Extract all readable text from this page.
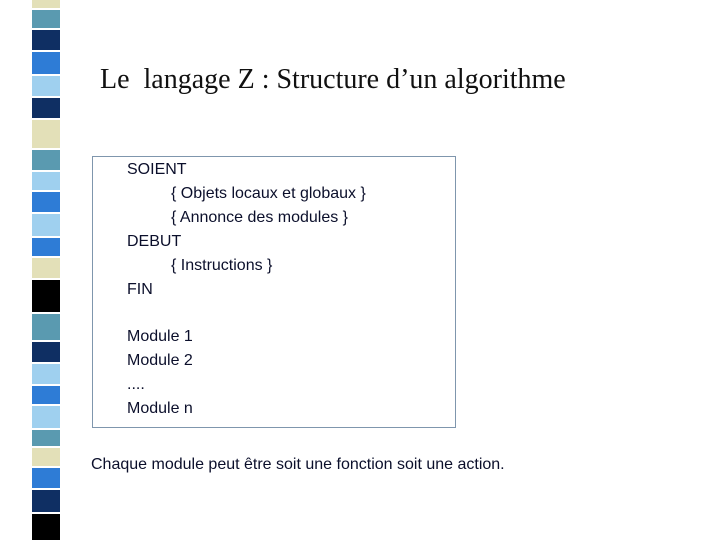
Le  langage Z : Structure d’un algorithme
SOIENT
{ Objets locaux et globaux }
{ Annonce des modules }
DEBUT
{ Instructions }
FIN
Module 1
Module 2
....
Module n
Chaque module peut être soit une fonction soit une action.
